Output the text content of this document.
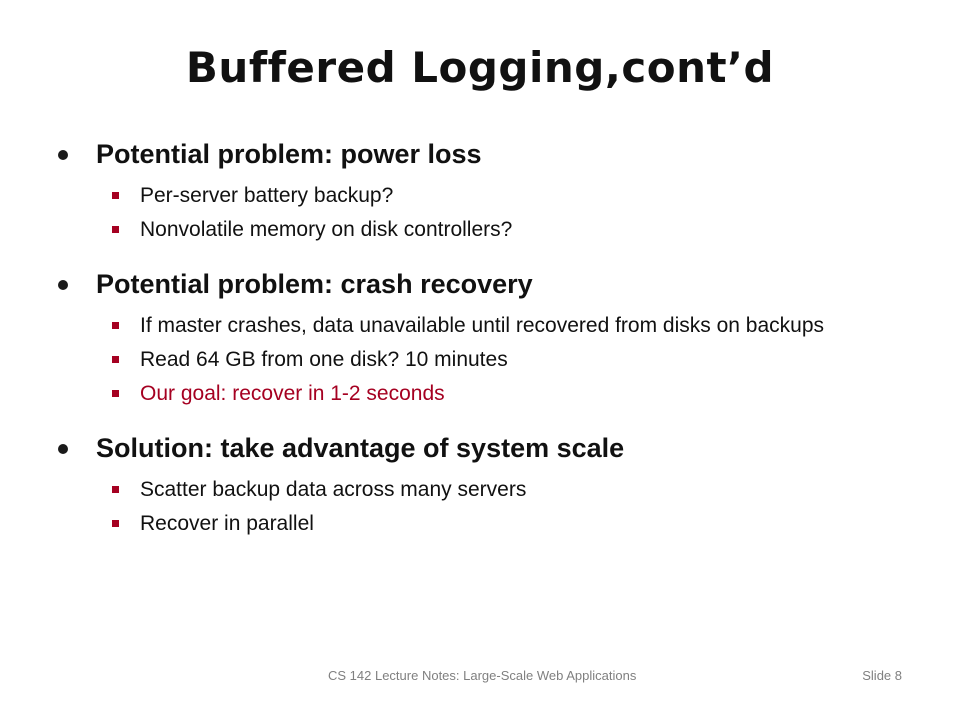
Buffered Logging,cont’d
Potential problem: power loss
Per-server battery backup?
Nonvolatile memory on disk controllers?
Potential problem: crash recovery
If master crashes, data unavailable until recovered from disks on backups
Read 64 GB from one disk? 10 minutes
Our goal: recover in 1-2 seconds
Solution: take advantage of system scale
Scatter backup data across many servers
Recover in parallel
CS 142 Lecture Notes: Large-Scale Web Applications	Slide 8
